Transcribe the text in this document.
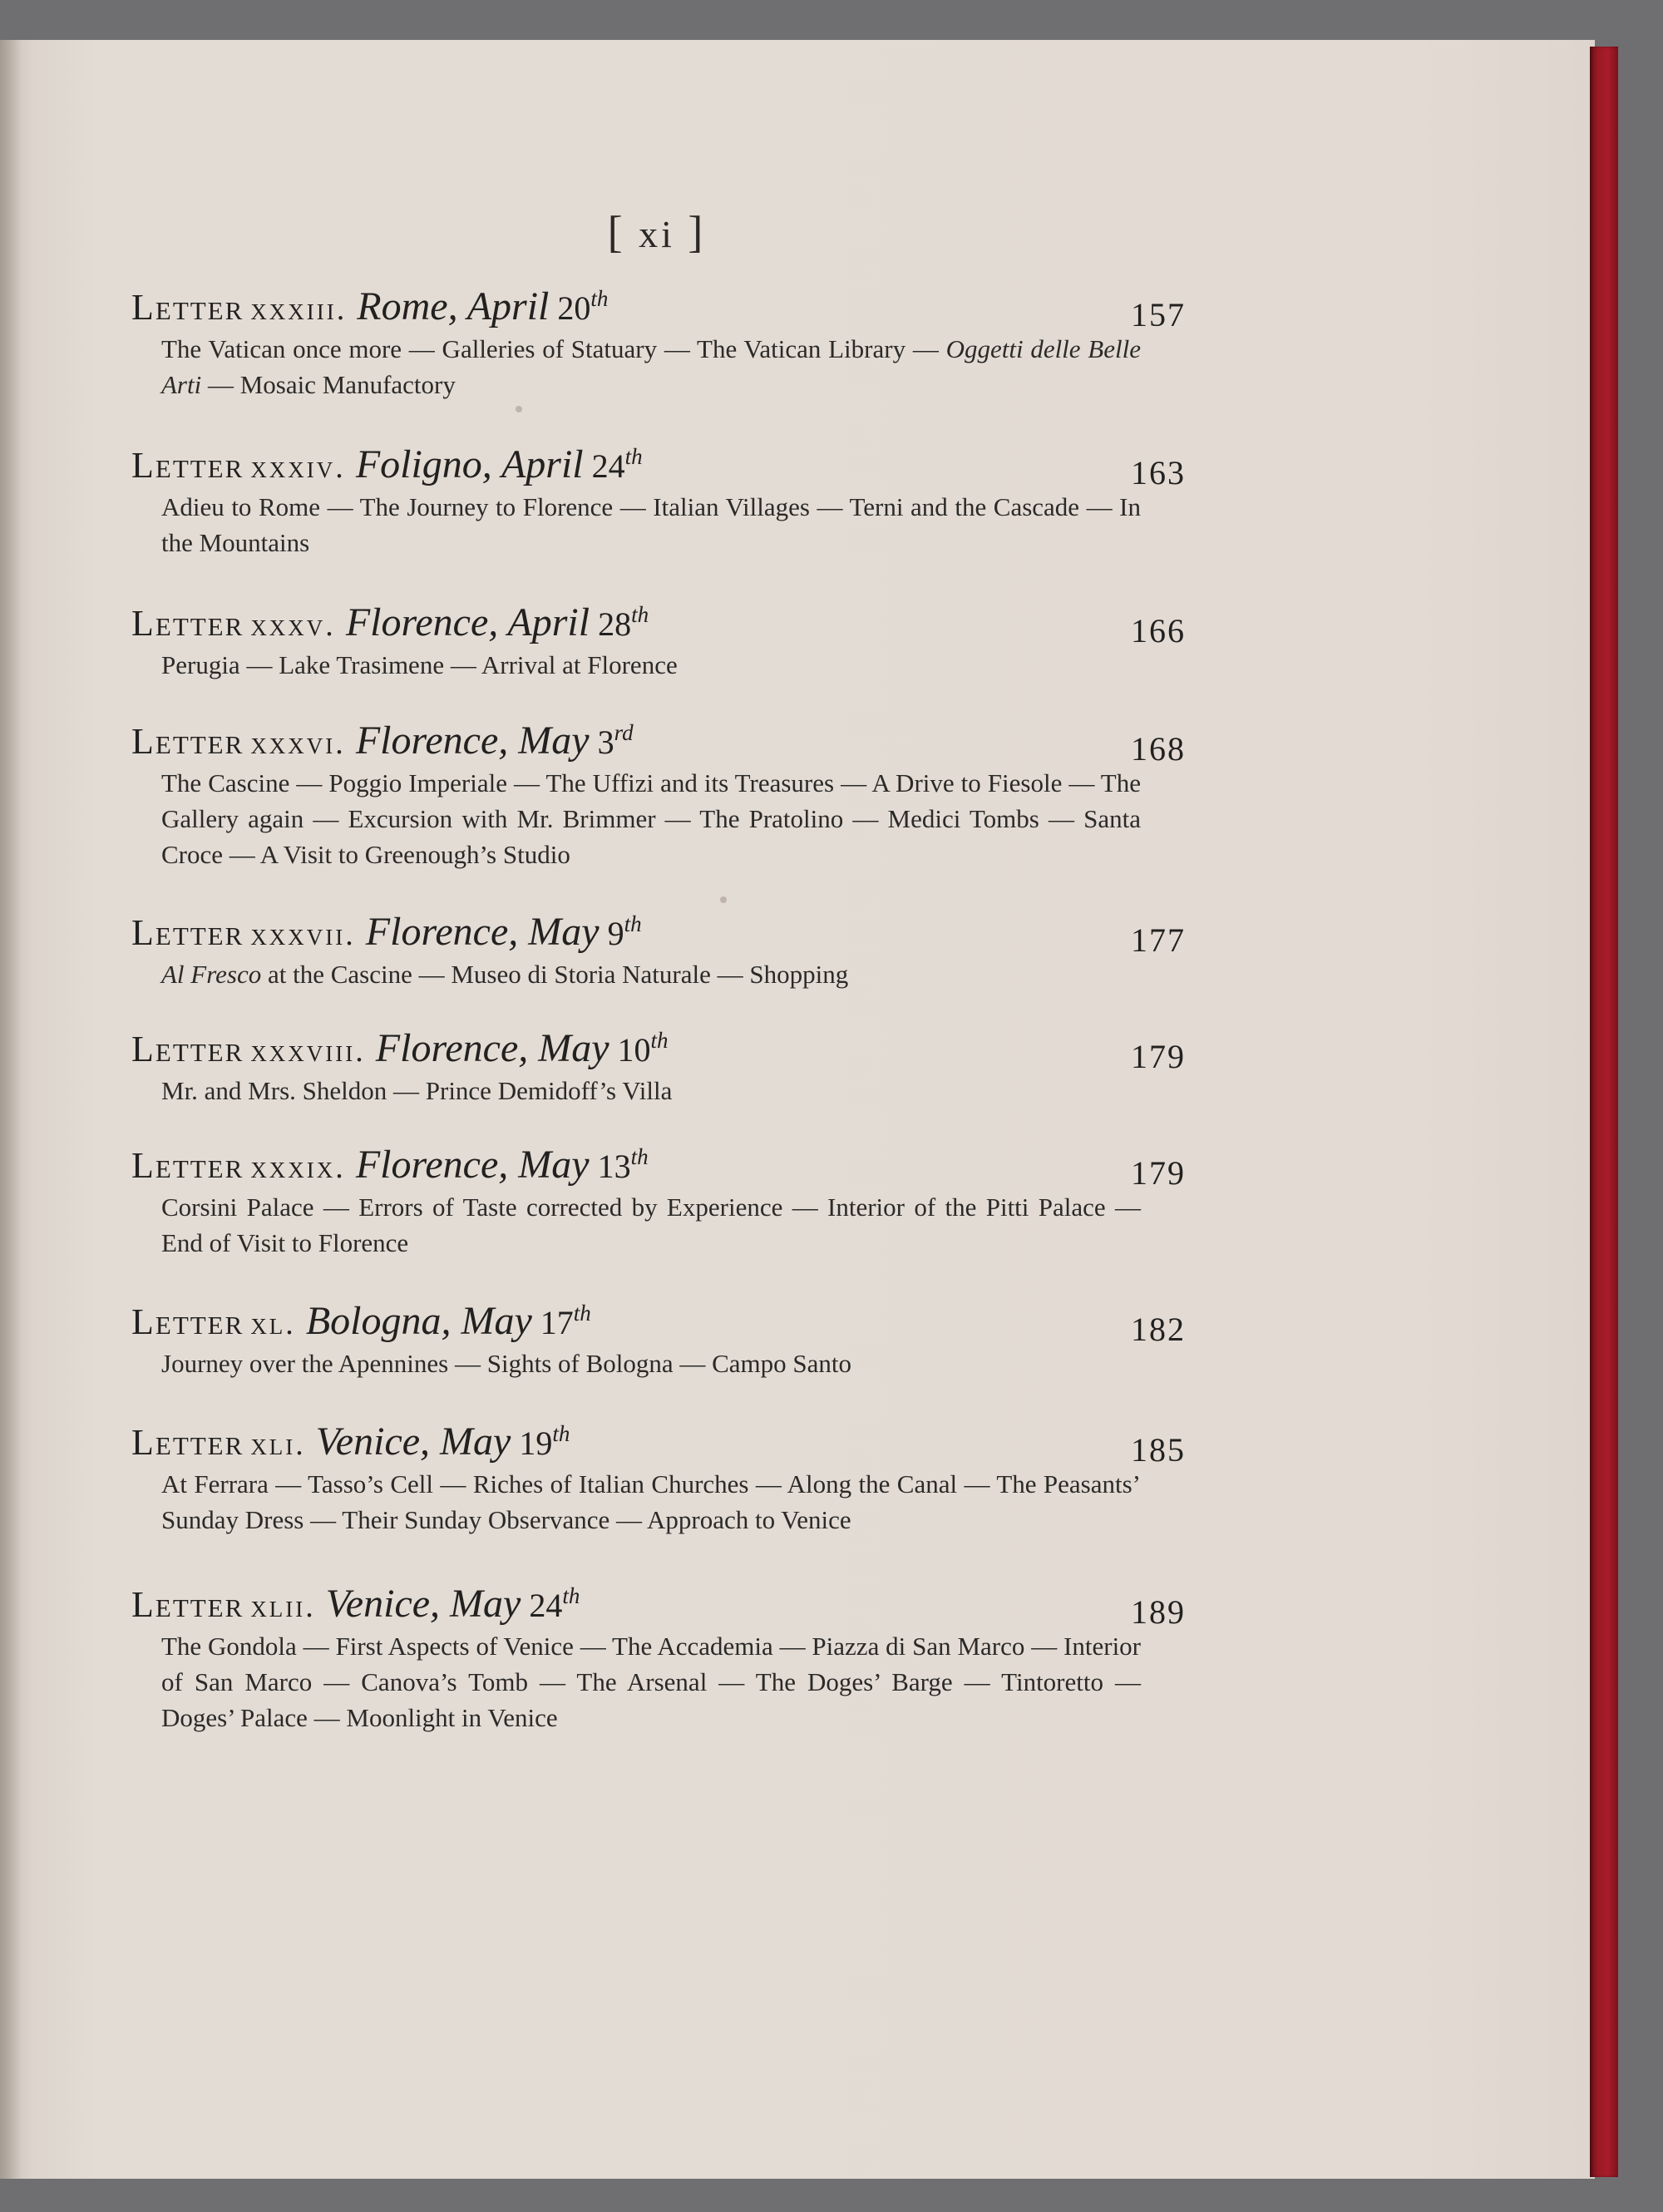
[ xi ]
Letter xxxiii. Rome, April 20th	157
The Vatican once more — Galleries of Statuary — The Vatican Library — Oggetti delle Belle Arti — Mosaic Manufactory
Letter xxxiv. Foligno, April 24th	163
Adieu to Rome — The Journey to Florence — Italian Villages — Terni and the Cascade — In the Mountains
Letter xxxv. Florence, April 28th	166
Perugia — Lake Trasimene — Arrival at Florence
Letter xxxvi. Florence, May 3rd	168
The Cascine — Poggio Imperiale — The Uffizi and its Treasures — A Drive to Fiesole — The Gallery again — Excursion with Mr. Brimmer — The Pratolino — Medici Tombs — Santa Croce — A Visit to Greenough’s Studio
Letter xxxvii. Florence, May 9th	177
Al Fresco at the Cascine — Museo di Storia Naturale — Shopping
Letter xxxviii. Florence, May 10th	179
Mr. and Mrs. Sheldon — Prince Demidoff’s Villa
Letter xxxix. Florence, May 13th	179
Corsini Palace — Errors of Taste corrected by Experience — Interior of the Pitti Palace — End of Visit to Florence
Letter xl. Bologna, May 17th	182
Journey over the Apennines — Sights of Bologna — Campo Santo
Letter xli. Venice, May 19th	185
At Ferrara — Tasso’s Cell — Riches of Italian Churches — Along the Canal — The Peasants’ Sunday Dress — Their Sunday Observance — Approach to Venice
Letter xlii. Venice, May 24th	189
The Gondola — First Aspects of Venice — The Accademia — Piazza di San Marco — Interior of San Marco — Canova’s Tomb — The Arsenal — The Doges’ Barge — Tintoretto — Doges’ Palace — Moonlight in Venice
